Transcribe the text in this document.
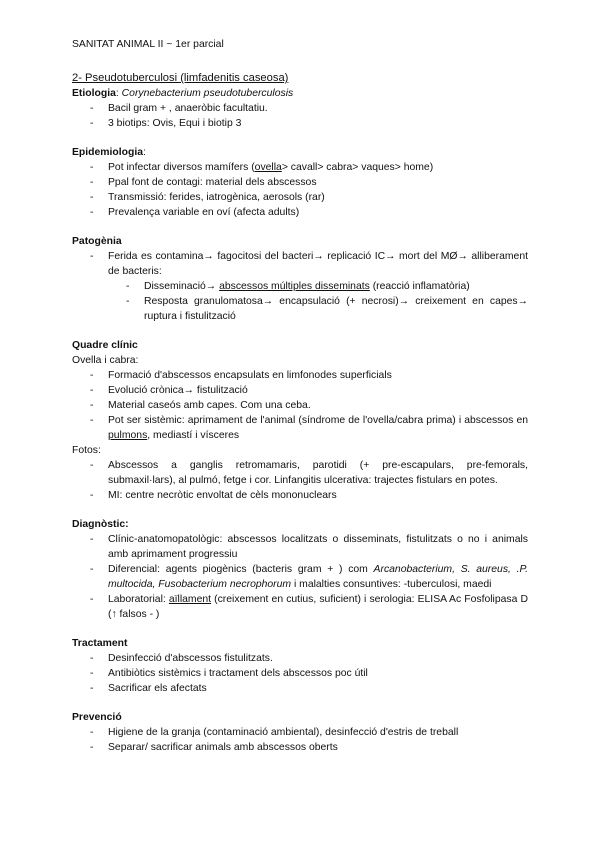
SANITAT ANIMAL II ~ 1er parcial
2- Pseudotuberculosi (limfadenitis caseosa)
Etiologia: Corynebacterium pseudotuberculosis
- Bacil gram + , anaeròbic facultatiu.
- 3 biotips: Ovis, Equi i biotip 3
Epidemiologia:
- Pot infectar diversos mamífers (ovella> cavall> cabra> vaques> home)
- Ppal font de contagi: material dels abscessos
- Transmissió: ferides, iatrogènica, aerosols (rar)
- Prevalença variable en oví (afecta adults)
Patogènia
- Ferida es contamina→ fagocitosi del bacteri→ replicació IC→ mort del MØ→ alliberament de bacteris:
- Disseminació→ abscessos múltiples disseminats (reacció inflamatòria)
- Resposta granulomatosa→ encapsulació (+ necrosi)→ creixement en capes→ ruptura i fistulització
Quadre clínic
Ovella i cabra:
- Formació d'abscessos encapsulats en limfonodes superficials
- Evolució crònica→ fistulització
- Material caseós amb capes. Com una ceba.
- Pot ser sistèmic: aprimament de l'animal (síndrome de l'ovella/cabra prima) i abscessos en pulmons, mediastí i vísceres
Fotos:
- Abscessos a ganglis retromamaris, parotidi (+ pre-escapulars, pre-femorals, submaxil·lars), al pulmó, fetge i cor. Linfangitis ulcerativa: trajectes fistulars en potes.
- MI: centre necròtic envoltat de cèls mononuclears
Diagnòstic:
- Clínic-anatomopatològic: abscessos localitzats o disseminats, fistulitzats o no i animals amb aprimament progressiu
- Diferencial: agents piogènics (bacteris gram + ) com Arcanobacterium, S. aureus, .P. multocida, Fusobacterium necrophorum i malalties consuntives: -tuberculosi, maedi
- Laboratorial: aïllament (creixement en cutius, suficient) i serologia: ELISA Ac Fosfolipasa D (↑ falsos - )
Tractament
- Desinfecció d'abscessos fistulitzats.
- Antibiòtics sistèmics i tractament dels abscessos poc útil
- Sacrificar els afectats
Prevenció
- Higiene de la granja (contaminació ambiental), desinfecció d'estris de treball
- Separar/ sacrificar animals amb abscessos oberts
